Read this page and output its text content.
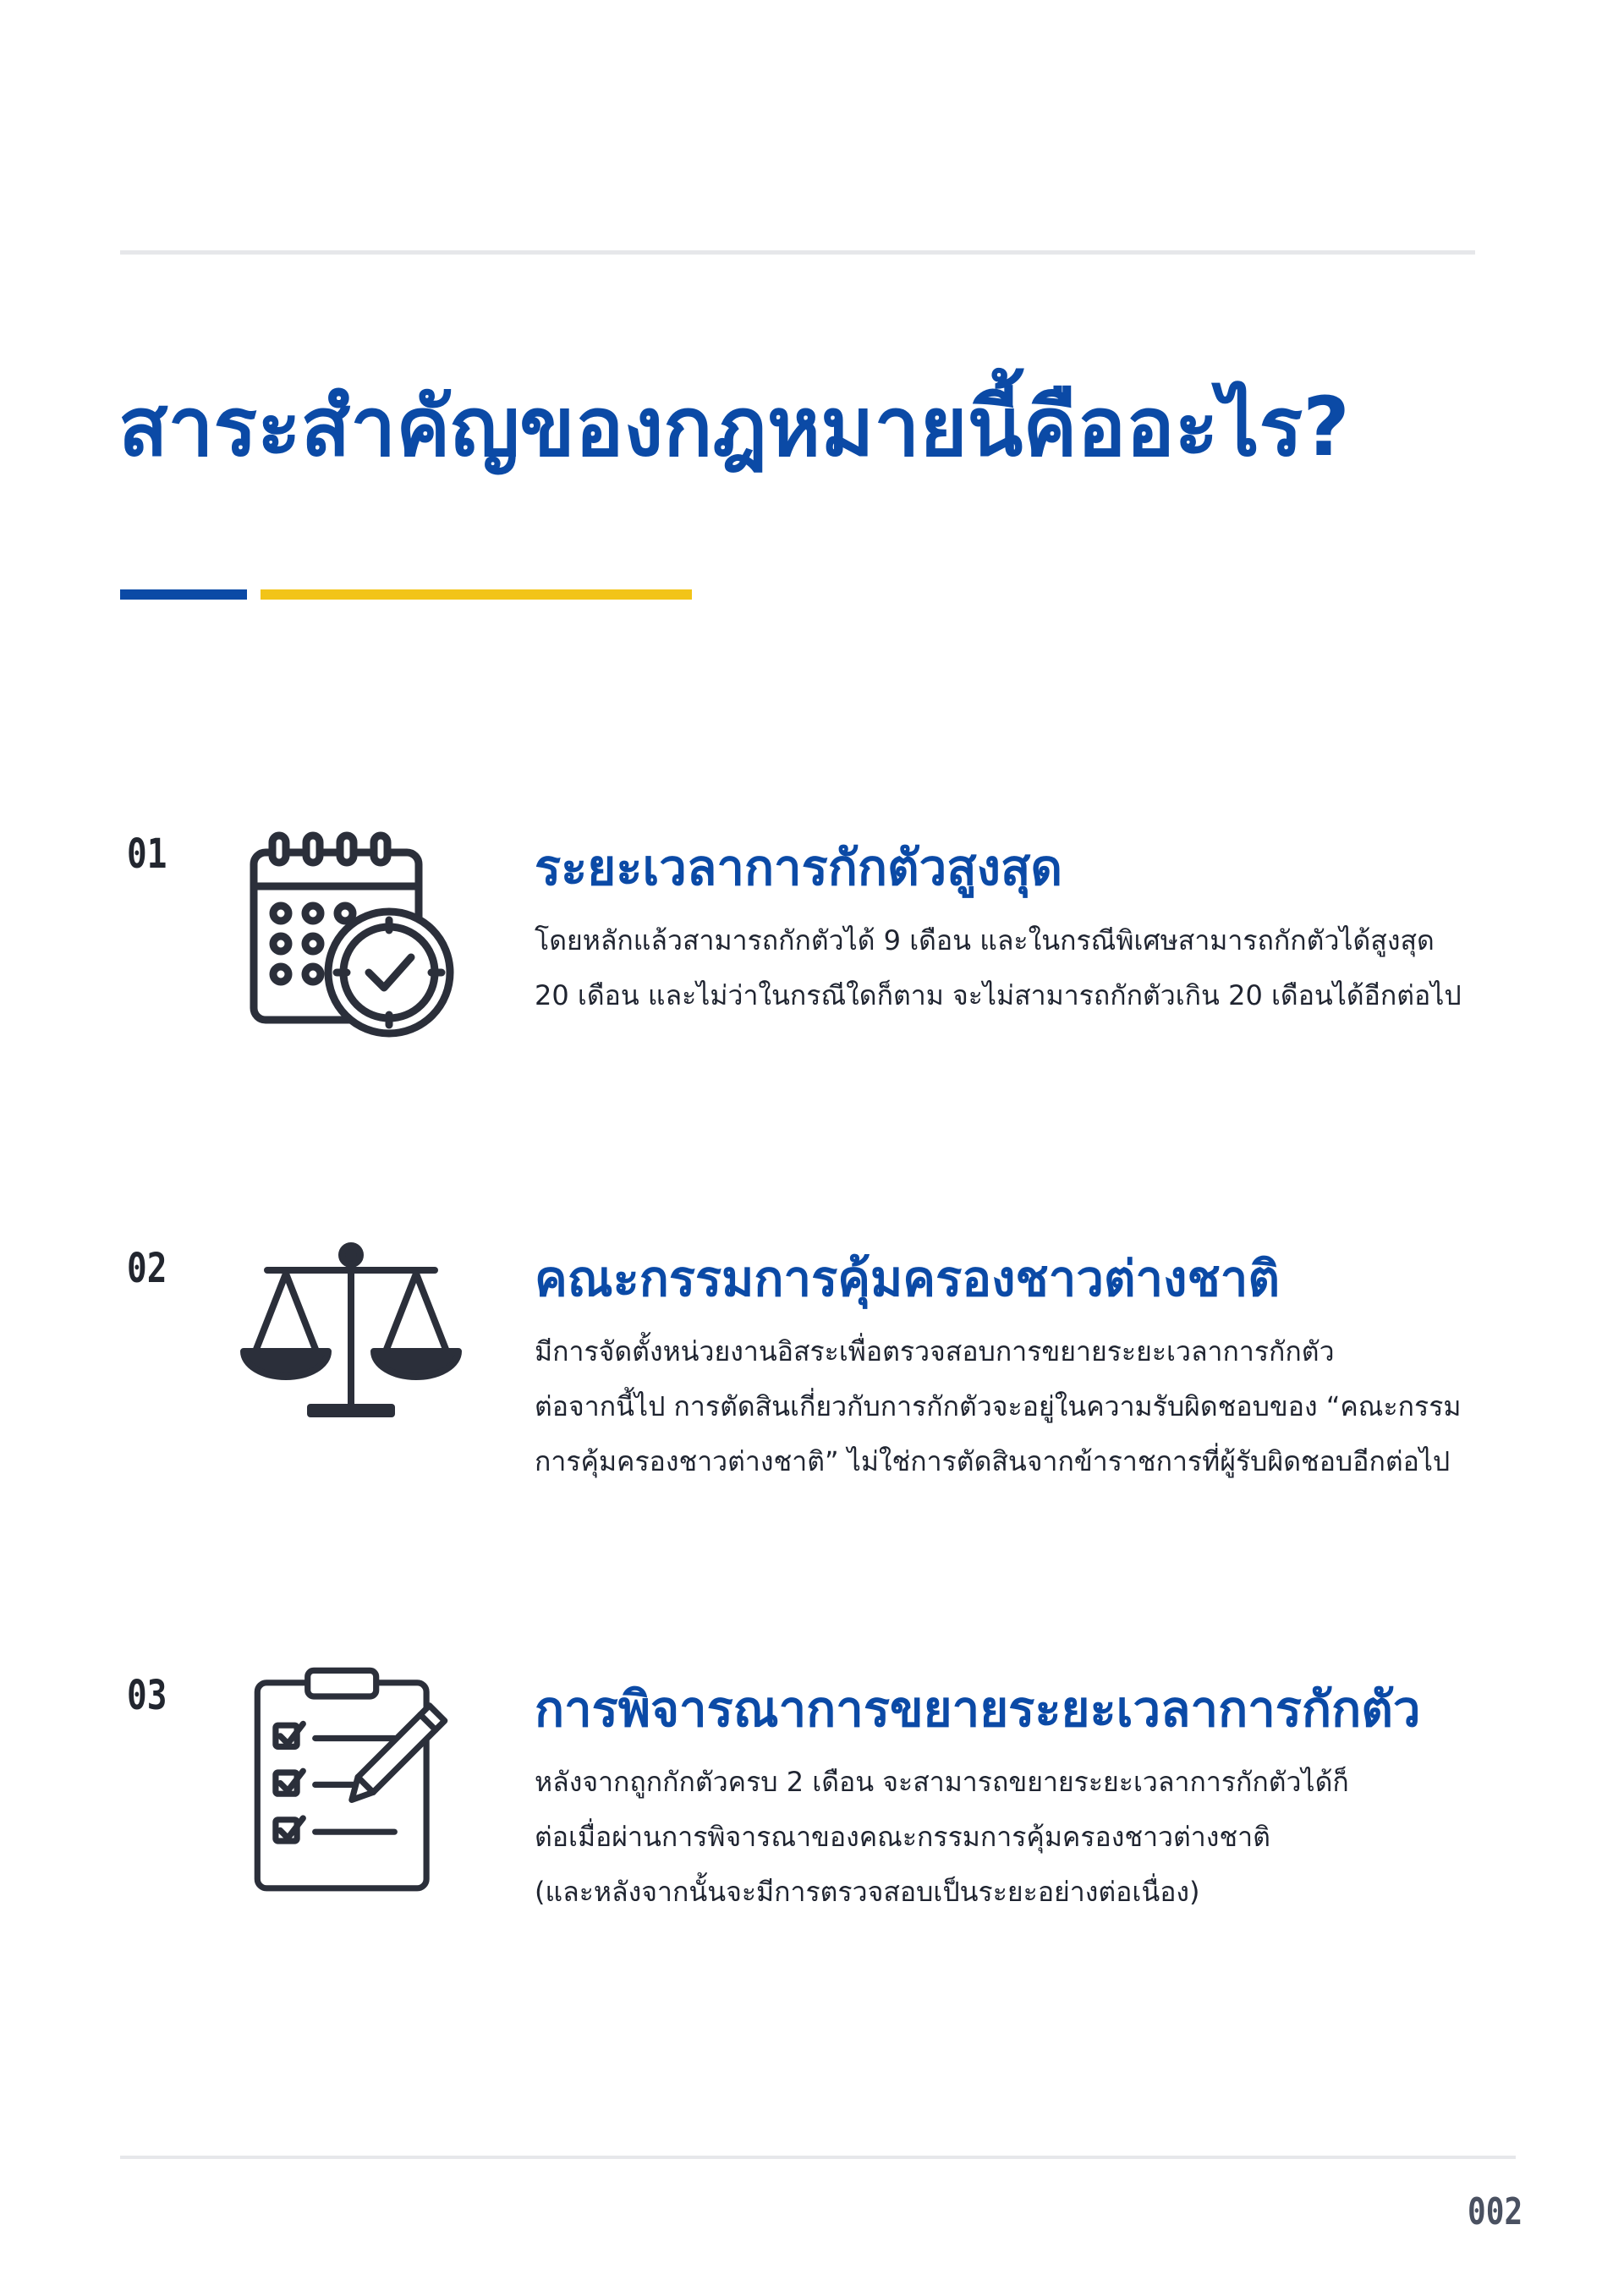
สาระสำคัญของกฎหมายนี้คืออะไร?
01	ระยะเวลาการกักตัวสูงสุด
โดยหลักแล้วสามารถกักตัวได้ 9 เดือน และในกรณีพิเศษสามารถกักตัวได้สูงสุด
20 เดือน และไม่ว่าในกรณีใดก็ตาม จะไม่สามารถกักตัวเกิน 20 เดือนได้อีกต่อไป
02	คณะกรรมการคุ้มครองชาวต่างชาติ
มีการจัดตั้งหน่วยงานอิสระเพื่อตรวจสอบการขยายระยะเวลาการกักตัว
ต่อจากนี้ไป การตัดสินเกี่ยวกับการกักตัวจะอยู่ในความรับผิดชอบของ “คณะกรรม
การคุ้มครองชาวต่างชาติ” ไม่ใช่การตัดสินจากข้าราชการที่ผู้รับผิดชอบอีกต่อไป
03	การพิจารณาการขยายระยะเวลาการกักตัว
หลังจากถูกกักตัวครบ 2 เดือน จะสามารถขยายระยะเวลาการกักตัวได้ก็
ต่อเมื่อผ่านการพิจารณาของคณะกรรมการคุ้มครองชาวต่างชาติ
(และหลังจากนั้นจะมีการตรวจสอบเป็นระยะอย่างต่อเนื่อง)
002
